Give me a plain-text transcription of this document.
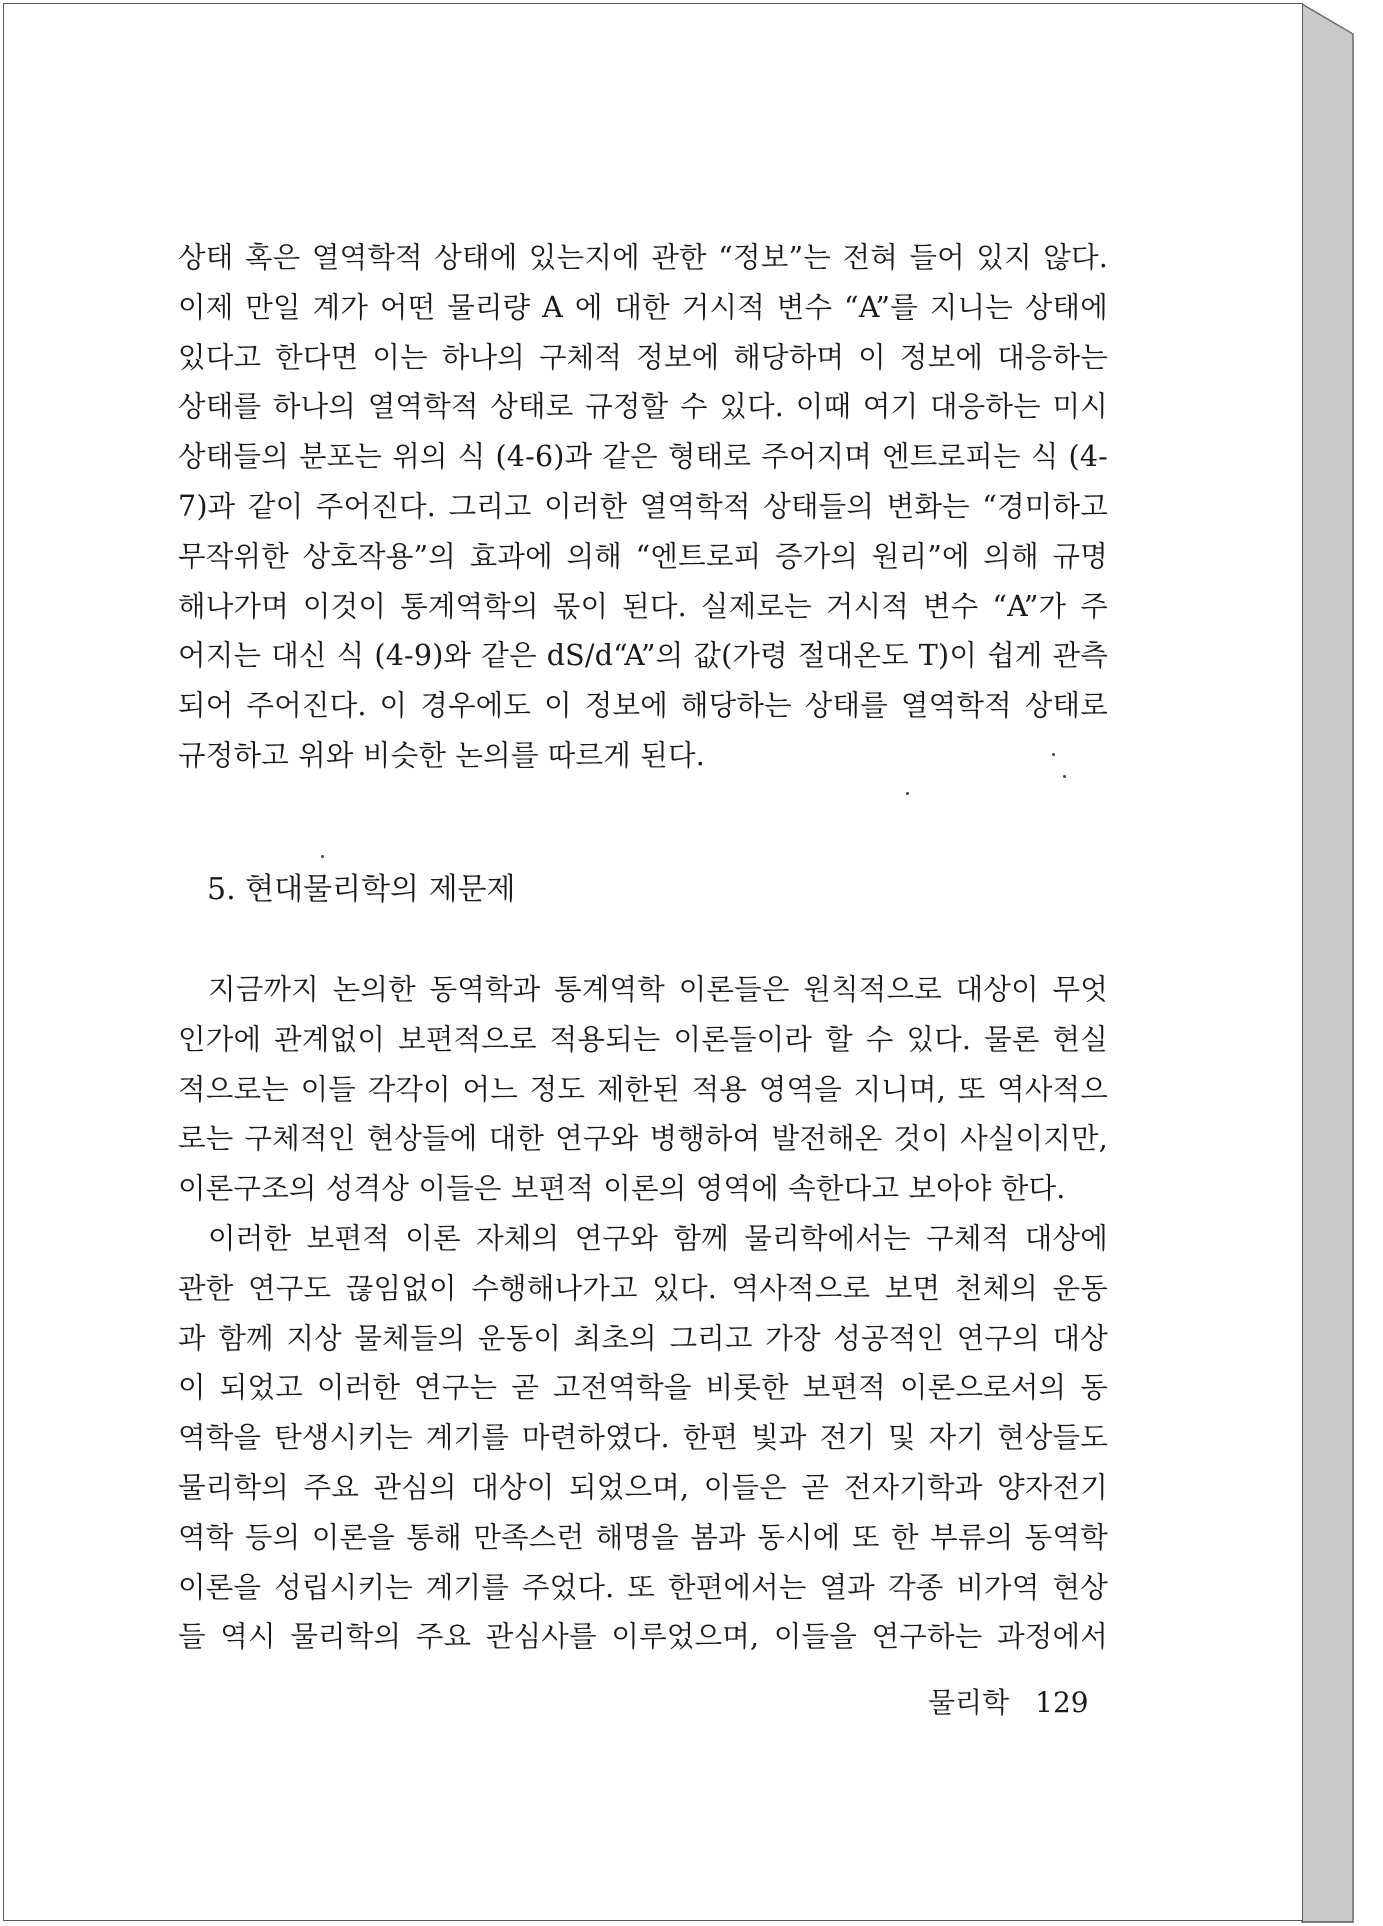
상태 혹은 열역학적 상태에 있는지에 관한 “정보”는 전혀 들어 있지 않다.
이제 만일 계가 어떤 물리량 A 에 대한 거시적 변수 “A”를 지니는 상태에
있다고 한다면 이는 하나의 구체적 정보에 해당하며 이 정보에 대응하는
상태를 하나의 열역학적 상태로 규정할 수 있다. 이때 여기 대응하는 미시
상태들의 분포는 위의 식 (4-6)과 같은 형태로 주어지며 엔트로피는 식 (4-
7)과 같이 주어진다. 그리고 이러한 열역학적 상태들의 변화는 “경미하고
무작위한 상호작용”의 효과에 의해 “엔트로피 증가의 원리”에 의해 규명
해나가며 이것이 통계역학의 몫이 된다. 실제로는 거시적 변수 “A”가 주
어지는 대신 식 (4-9)와 같은 dS/d“A”의 값(가령 절대온도 T)이 쉽게 관측
되어 주어진다. 이 경우에도 이 정보에 해당하는 상태를 열역학적 상태로
규정하고 위와 비슷한 논의를 따르게 된다.
5. 현대물리학의 제문제
지금까지 논의한 동역학과 통계역학 이론들은 원칙적으로 대상이 무엇
인가에 관계없이 보편적으로 적용되는 이론들이라 할 수 있다. 물론 현실
적으로는 이들 각각이 어느 정도 제한된 적용 영역을 지니며, 또 역사적으
로는 구체적인 현상들에 대한 연구와 병행하여 발전해온 것이 사실이지만,
이론구조의 성격상 이들은 보편적 이론의 영역에 속한다고 보아야 한다.
이러한 보편적 이론 자체의 연구와 함께 물리학에서는 구체적 대상에
관한 연구도 끊임없이 수행해나가고 있다. 역사적으로 보면 천체의 운동
과 함께 지상 물체들의 운동이 최초의 그리고 가장 성공적인 연구의 대상
이 되었고 이러한 연구는 곧 고전역학을 비롯한 보편적 이론으로서의 동
역학을 탄생시키는 계기를 마련하였다. 한편 빛과 전기 및 자기 현상들도
물리학의 주요 관심의 대상이 되었으며, 이들은 곧 전자기학과 양자전기
역학 등의 이론을 통해 만족스런 해명을 봄과 동시에 또 한 부류의 동역학
이론을 성립시키는 계기를 주었다. 또 한편에서는 열과 각종 비가역 현상
들 역시 물리학의 주요 관심사를 이루었으며, 이들을 연구하는 과정에서
물리학 129
